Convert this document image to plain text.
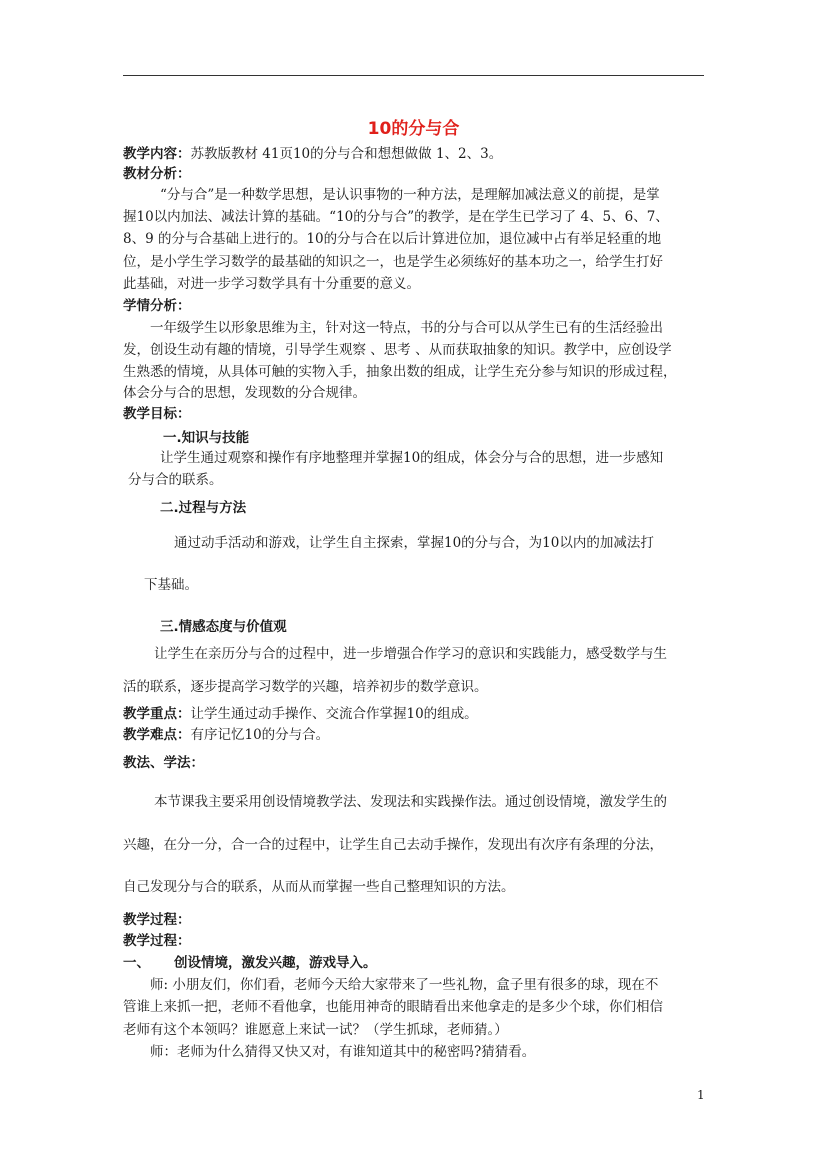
10的分与合
教学内容：苏教版教材 41页10的分与合和想想做做 1、2、3。
教材分析：
“分与合”是一种数学思想，是认识事物的一种方法，是理解加减法意义的前提，是掌
握10以内加法、减法计算的基础。“10的分与合”的教学，是在学生已学习了 4、5、6、7、
8、9 的分与合基础上进行的。10的分与合在以后计算进位加，退位减中占有举足轻重的地
位，是小学生学习数学的最基础的知识之一，也是学生必须练好的基本功之一，给学生打好
此基础，对进一步学习数学具有十分重要的意义。
学情分析：
一年级学生以形象思维为主，针对这一特点，书的分与合可以从学生已有的生活经验出
发，创设生动有趣的情境，引导学生观察 、思考 、从而获取抽象的知识。教学中，应创设学
生熟悉的情境，从具体可触的实物入手，抽象出数的组成，让学生充分参与知识的形成过程，
体会分与合的思想，发现数的分合规律。
教学目标：
一.知识与技能
让学生通过观察和操作有序地整理并掌握10的组成，体会分与合的思想，进一步感知
分与合的联系。
二.过程与方法
通过动手活动和游戏，让学生自主探索，掌握10的分与合，为10以内的加减法打
下基础。
三.情感态度与价值观
让学生在亲历分与合的过程中，进一步增强合作学习的意识和实践能力，感受数学与生
活的联系，逐步提高学习数学的兴趣，培养初步的数学意识。
教学重点：让学生通过动手操作、交流合作掌握10的组成。
教学难点：有序记忆10的分与合。
教法、学法：
本节课我主要采用创设情境教学法、发现法和实践操作法。通过创设情境，激发学生的
兴趣，在分一分，合一合的过程中，让学生自己去动手操作，发现出有次序有条理的分法，
自己发现分与合的联系，从而从而掌握一些自己整理知识的方法。
教学过程：
教学过程：
一、 创设情境，激发兴趣，游戏导入。
师: 小朋友们，你们看，老师今天给大家带来了一些礼物，盒子里有很多的球，现在不
管谁上来抓一把，老师不看他拿，也能用神奇的眼睛看出来他拿走的是多少个球，你们相信
老师有这个本领吗？谁愿意上来试一试？（学生抓球，老师猜。）
师：老师为什么猜得又快又对，有谁知道其中的秘密吗?猜猜看。
1
